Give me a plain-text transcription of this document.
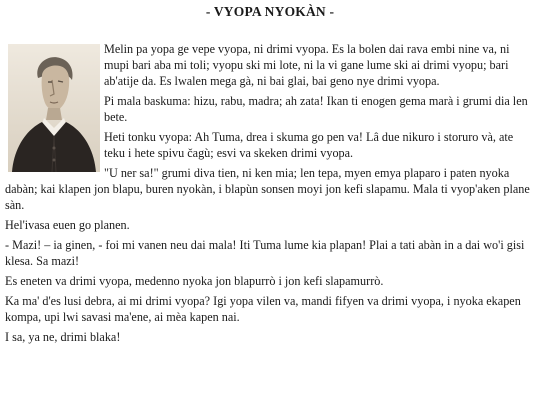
- VYOPA NYOKÀN -

Melin pa yopa ge vepe vyopa, ni drimi vyopa. Es la bolen dai rava embi nine va, ni mupi bari aba mi toli; vyopu ski mi lote, ni la vi gane lume ski ai drimi vyopu; bari ab'atije da. Es lwalen mega gà, ni bai glai, bai geno nye drimi vyopa.

Pi mala baskuma: hizu, rabu, madra; ah zata! Ikan ti enogen gema marà i grumi dia len bete.

Heti tonku vyopa: Ah Tuma, drea i skuma go pen va! Lâ due nikuro i storuro và, ate teku i hete spivu čagù; esvi va skeken drimi vyopa.

"U ner sa!" grumi diva tien, ni ken mia; len tepa, myen emya plaparo i paten nyoka dabàn; kai klapen jon blapu, buren nyokàn, i blapùn sonsen moyi jon kefi slapamu. Mala ti vyop'aken plane sàn.

Hel'ivasa euen go planen.

- Mazi! – ia ginen, - foi mi vanen neu dai mala! Iti Tuma lume kia plapan! Plai a tati abàn in a dai wo'i gisi klesa. Sa mazi!

Es eneten va drimi vyopa, medenno nyoka jon blapurrò i jon kefi slapamurrò.

Ka ma' d'es lusi debra, ai mi drimi vyopa? Igi yopa vilen va, mandi fifyen va drimi vyopa, i nyoka ekapen kompa, upi lwi savasi ma'ene, ai mèa kapen nai.

I sa, ya ne, drimi blaka!
